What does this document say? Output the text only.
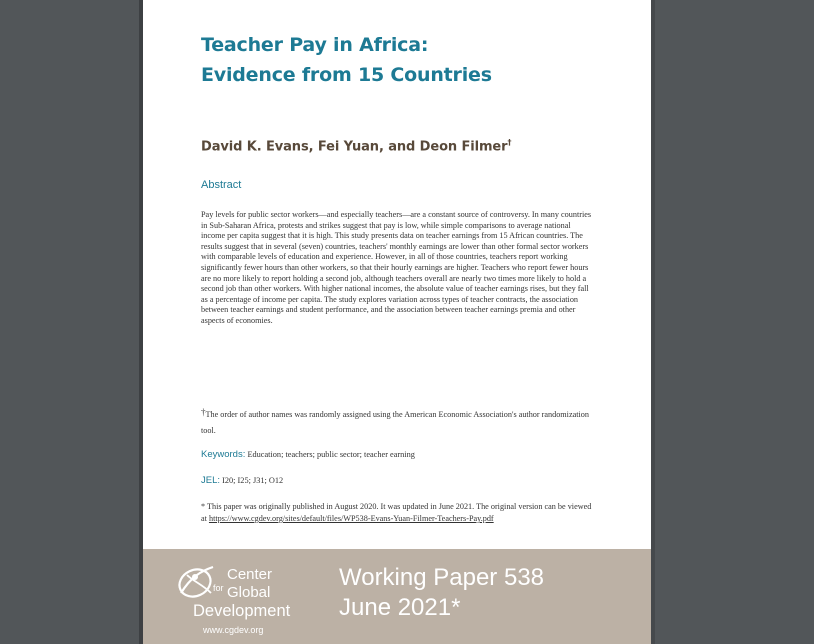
Teacher Pay in Africa:
Evidence from 15 Countries
David K. Evans, Fei Yuan, and Deon Filmer†
Abstract

Pay levels for public sector workers—and especially teachers—are a constant source of controversy. In many countries in Sub-Saharan Africa, protests and strikes suggest that pay is low, while simple comparisons to average national income per capita suggest that it is high. This study presents data on teacher earnings from 15 African countries. The results suggest that in several (seven) countries, teachers' monthly earnings are lower than other formal sector workers with comparable levels of education and experience. However, in all of those countries, teachers report working significantly fewer hours than other workers, so that their hourly earnings are higher. Teachers who report fewer hours are no more likely to report holding a second job, although teachers overall are nearly two times more likely to hold a second job than other workers. With higher national incomes, the absolute value of teacher earnings rises, but they fall as a percentage of income per capita. The study explores variation across types of teacher contracts, the association between teacher earnings and student performance, and the association between teacher earnings premia and other aspects of economies.

†The order of author names was randomly assigned using the American Economic Association's author randomization tool.

Keywords: Education; teachers; public sector; teacher earning
JEL: I20; I25; J31; O12

* This paper was originally published in August 2020. It was updated in June 2021. The original version can be viewed at https://www.cgdev.org/sites/default/files/WP538-Evans-Yuan-Filmer-Teachers-Pay.pdf

Center
for Global
Development
www.cgdev.org
Working Paper 538
June 2021*
